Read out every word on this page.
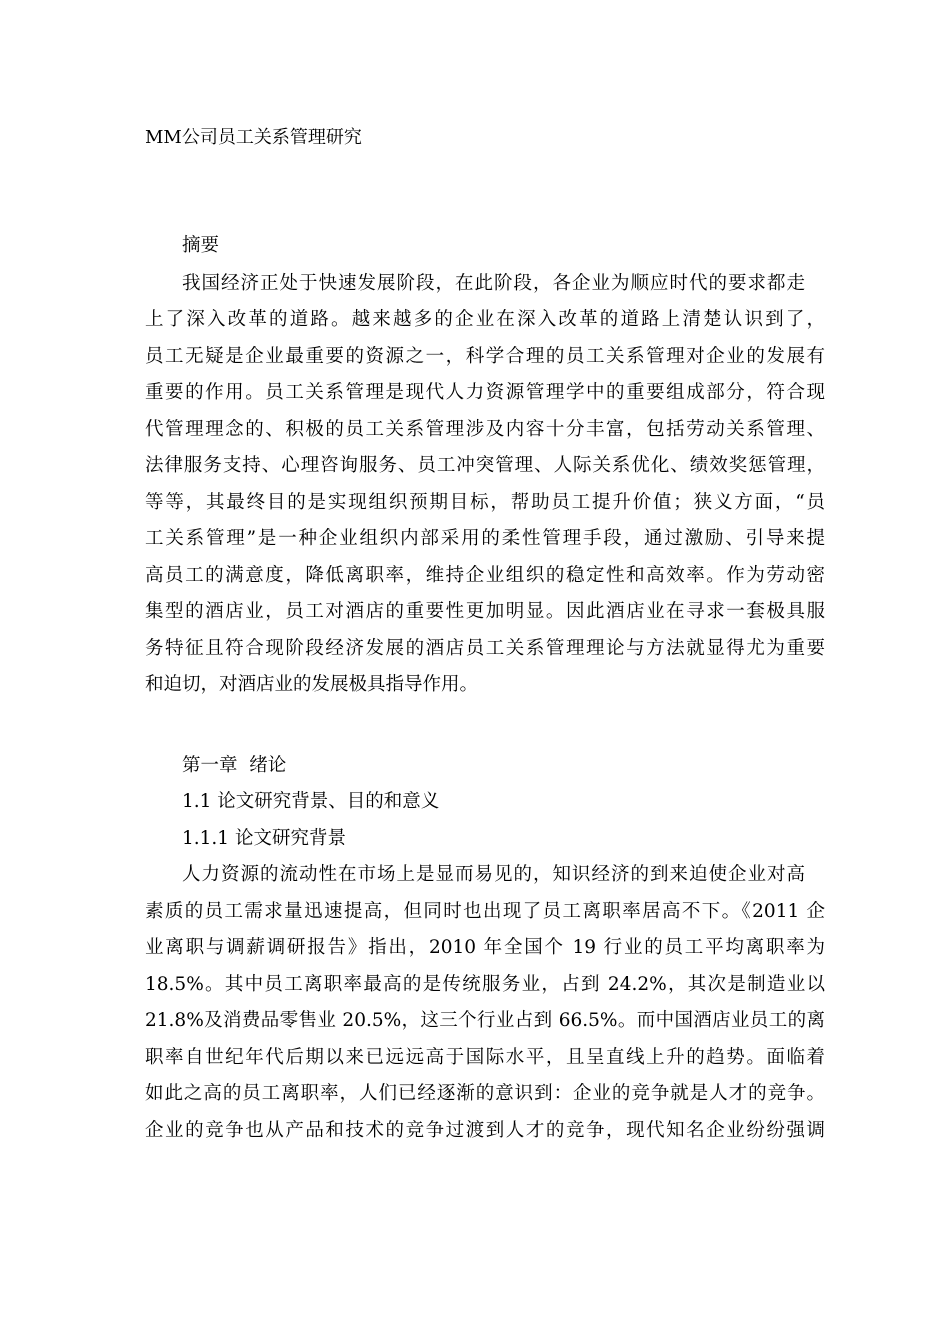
MM公司员工关系管理研究
摘要
我国经济正处于快速发展阶段，在此阶段，各企业为顺应时代的要求都走
上了深入改革的道路。越来越多的企业在深入改革的道路上清楚认识到了，
员工无疑是企业最重要的资源之一，科学合理的员工关系管理对企业的发展有
重要的作用。员工关系管理是现代人力资源管理学中的重要组成部分，符合现
代管理理念的、积极的员工关系管理涉及内容十分丰富，包括劳动关系管理、
法律服务支持、心理咨询服务、员工冲突管理、人际关系优化、绩效奖惩管理，
等等，其最终目的是实现组织预期目标，帮助员工提升价值；狭义方面，“员
工关系管理”是一种企业组织内部采用的柔性管理手段，通过激励、引导来提
高员工的满意度，降低离职率，维持企业组织的稳定性和高效率。作为劳动密
集型的酒店业，员工对酒店的重要性更加明显。因此酒店业在寻求一套极具服
务特征且符合现阶段经济发展的酒店员工关系管理理论与方法就显得尤为重要
和迫切，对酒店业的发展极具指导作用。
第一章  绪论
1.1 论文研究背景、目的和意义
1.1.1 论文研究背景
人力资源的流动性在市场上是显而易见的，知识经济的到来迫使企业对高
素质的员工需求量迅速提高，但同时也出现了员工离职率居高不下。《2011 企
业离职与调薪调研报告》指出，2010 年全国个 19 行业的员工平均离职率为
18.5%。其中员工离职率最高的是传统服务业，占到 24.2%，其次是制造业以
21.8%及消费品零售业 20.5%，这三个行业占到 66.5%。而中国酒店业员工的离
职率自世纪年代后期以来已远远高于国际水平，且呈直线上升的趋势。面临着
如此之高的员工离职率，人们已经逐渐的意识到：企业的竞争就是人才的竞争。
企业的竞争也从产品和技术的竞争过渡到人才的竞争，现代知名企业纷纷强调
